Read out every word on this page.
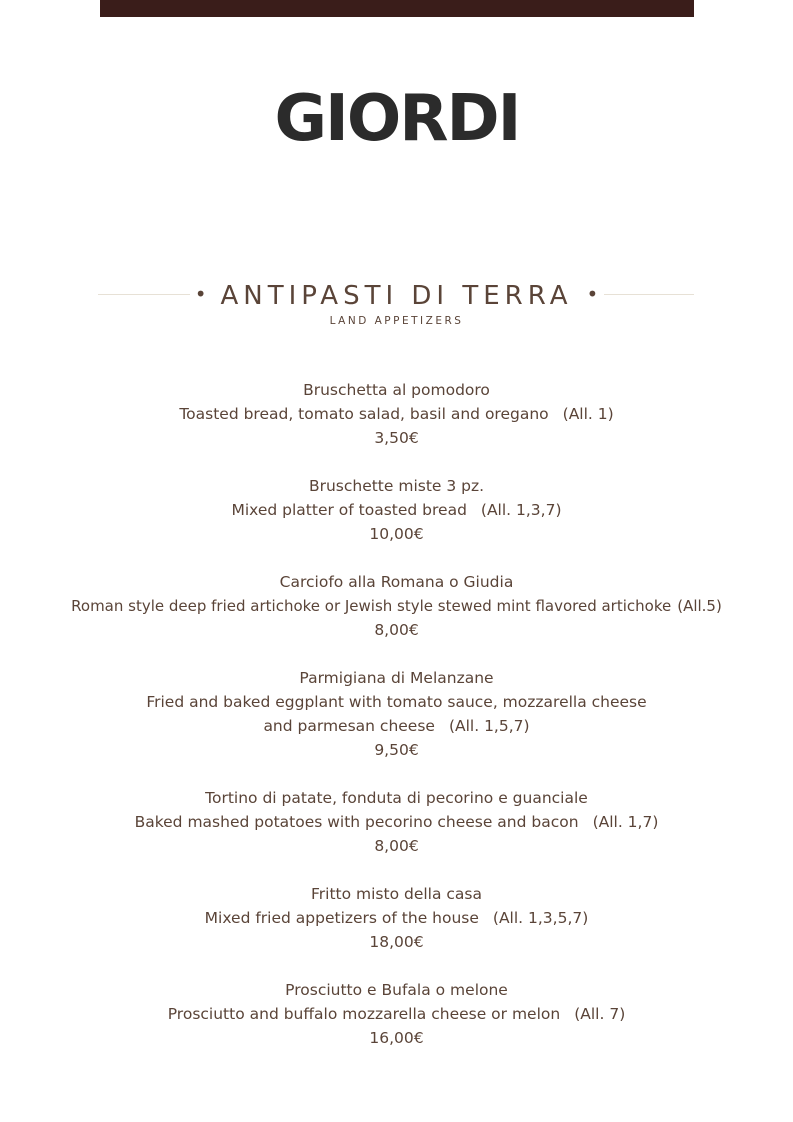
GIORDI
• ANTIPASTI DI TERRA •
LAND APPETIZERS
Bruschetta al pomodoro
Toasted bread, tomato salad, basil and oregano (All. 1)
3,50€
Bruschette miste 3 pz.
Mixed platter of toasted bread (All. 1,3,7)
10,00€
Carciofo alla Romana o Giudia
Roman style deep fried artichoke or Jewish style stewed mint flavored artichoke (All.5)
8,00€
Parmigiana di Melanzane
Fried and baked eggplant with tomato sauce, mozzarella cheese
and parmesan cheese (All. 1,5,7)
9,50€
Tortino di patate, fonduta di pecorino e guanciale
Baked mashed potatoes with pecorino cheese and bacon (All. 1,7)
8,00€
Fritto misto della casa
Mixed fried appetizers of the house (All. 1,3,5,7)
18,00€
Prosciutto e Bufala o melone
Prosciutto and buffalo mozzarella cheese or melon (All. 7)
16,00€
